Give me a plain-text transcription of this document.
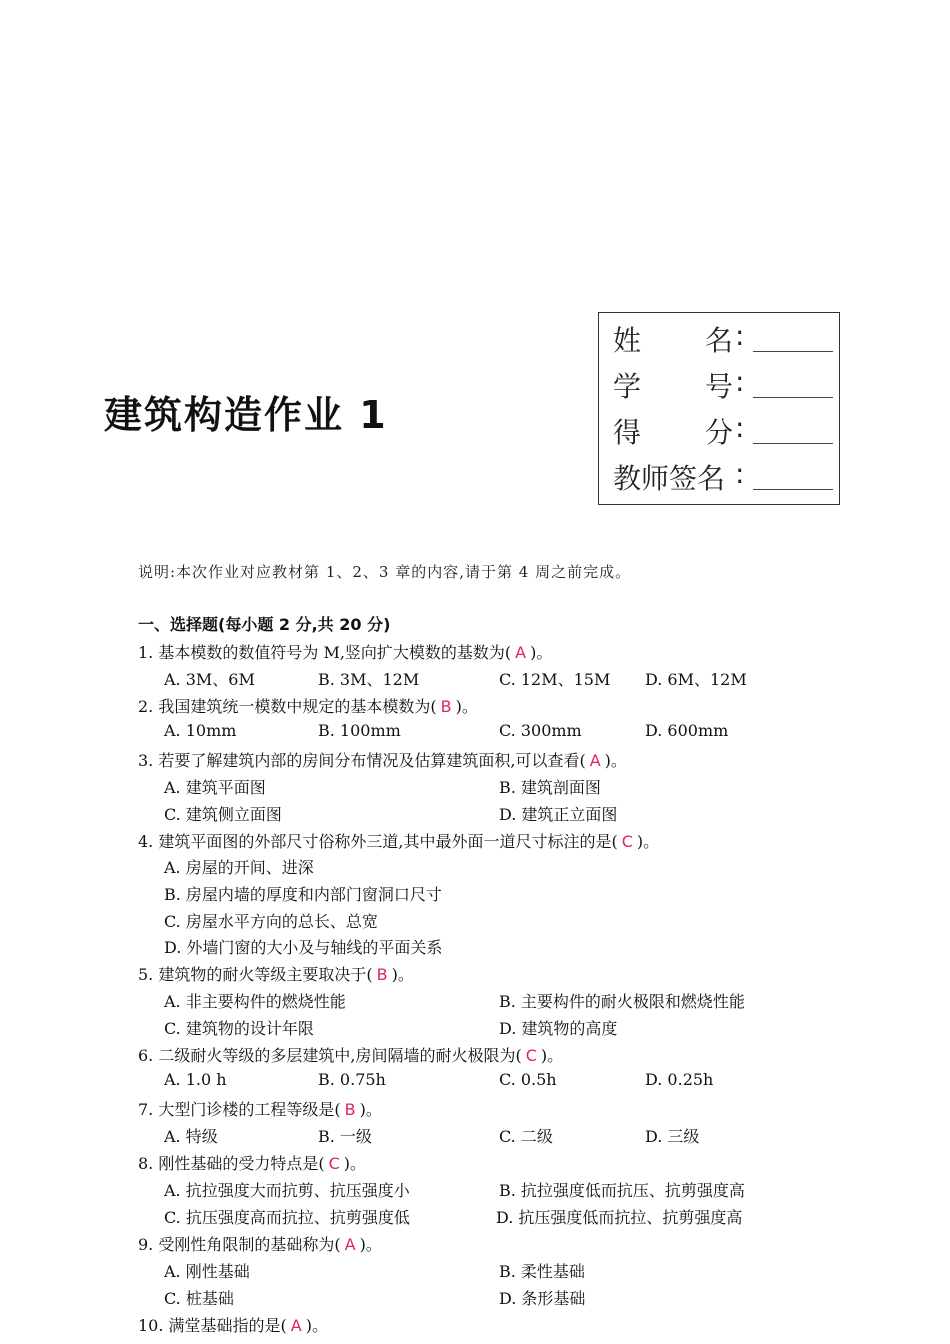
建筑构造作业 1
姓 名 :
学 号 :
得 分 :
教师签名 :
说明:本次作业对应教材第 1、2、3 章的内容,请于第 4 周之前完成。
一、选择题(每小题 2 分,共 20 分)
1. 基本模数的数值符号为 M,竖向扩大模数的基数为( A )。
A. 3M、6M	B. 3M、12M	C. 12M、15M D. 6M、12M
2. 我国建筑统一模数中规定的基本模数为( B )。
A. 10mm	B. 100mm	C. 300mm	D. 600mm
3. 若要了解建筑内部的房间分布情况及估算建筑面积,可以查看( A )。
A. 建筑平面图	B. 建筑剖面图
C. 建筑侧立面图	D. 建筑正立面图
4. 建筑平面图的外部尺寸俗称外三道,其中最外面一道尺寸标注的是( C )。
A. 房屋的开间、进深
B. 房屋内墙的厚度和内部门窗洞口尺寸
C. 房屋水平方向的总长、总宽
D. 外墙门窗的大小及与轴线的平面关系
5. 建筑物的耐火等级主要取决于( B )。
A. 非主要构件的燃烧性能	B. 主要构件的耐火极限和燃烧性能
C. 建筑物的设计年限	D. 建筑物的高度
6. 二级耐火等级的多层建筑中,房间隔墙的耐火极限为( C )。
A. 1.0 h	B. 0.75h	C. 0.5h	D. 0.25h
7. 大型门诊楼的工程等级是( B )。
A. 特级	B. 一级	C. 二级	D. 三级
8. 刚性基础的受力特点是( C )。
A. 抗拉强度大而抗剪、抗压强度小	B. 抗拉强度低而抗压、抗剪强度高
C. 抗压强度高而抗拉、抗剪强度低	D. 抗压强度低而抗拉、抗剪强度高
9. 受刚性角限制的基础称为( A )。
A. 刚性基础	B. 柔性基础
C. 桩基础	D. 条形基础
10. 满堂基础指的是( A )。
